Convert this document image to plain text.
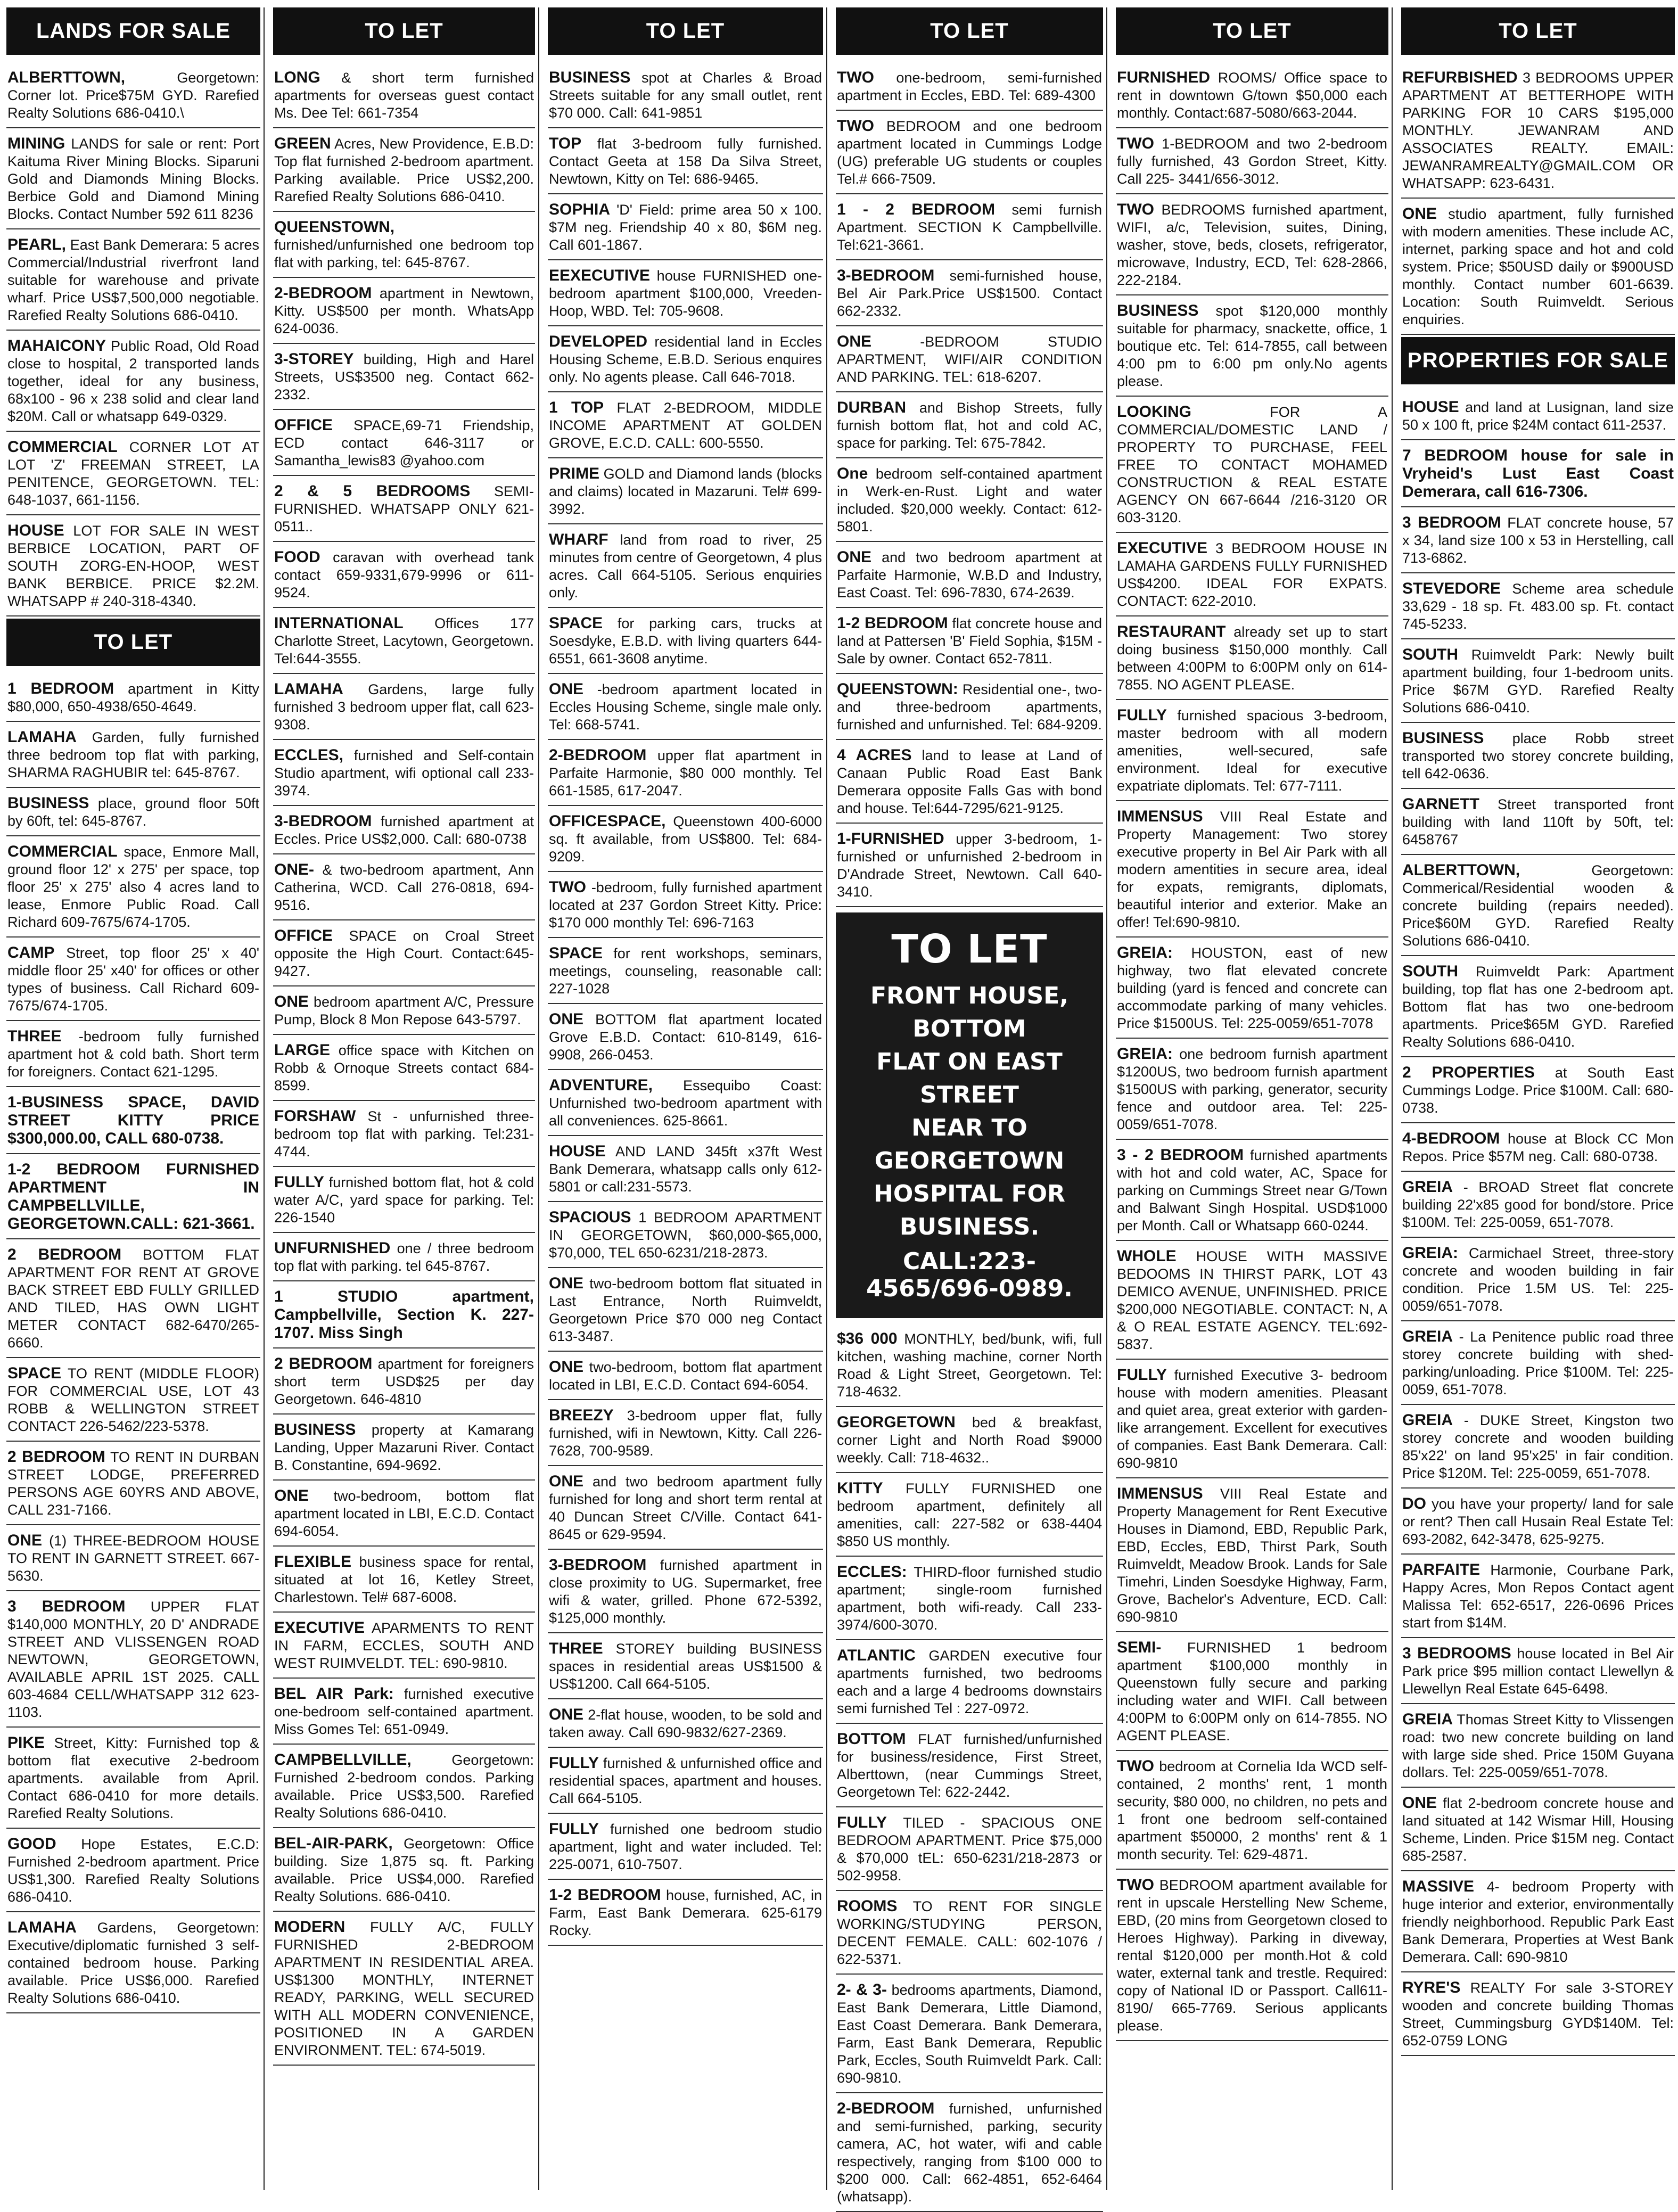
LANDS FOR SALE
ALBERTTOWN,	Georgetown: Corner lot. Price$75M GYD. Rarefied Realty Solutions 686-0410.\
MINING LANDS for sale or rent: Port Kaituma River Mining Blocks. Siparuni Gold and Diamonds Mining Blocks. Berbice Gold and Diamond Mining Blocks. Contact Number 592 611 8236
PEARL, East Bank Demerara: 5 acres Commercial/Industrial riverfront land suitable for warehouse and private wharf. Price US$7,500,000 negotiable. Rarefied Realty Solutions 686-0410.
MAHAICONY Public Road, Old Road close to hospital, 2 transported lands together, ideal for any business, 68x100 - 96 x 238 solid and clear land $20M. Call or whatsapp 649-0329.
COMMERCIAL CORNER LOT AT LOT 'Z' FREEMAN STREET, LA PENITENCE, GEORGETOWN. TEL: 648-1037, 661-1156.
HOUSE LOT FOR SALE IN WEST BERBICE LOCATION, PART OF SOUTH ZORG-EN-HOOP, WEST BANK BERBICE. PRICE $2.2M. WHATSAPP # 240-318-4340.
TO LET
1 BEDROOM apartment in Kitty $80,000, 650-4938/650-4649.
LAMAHA Garden, fully furnished three bedroom top flat with parking, SHARMA RAGHUBIR tel: 645-8767.
BUSINESS place, ground floor 50ft by 60ft, tel: 645-8767.
COMMERCIAL space, Enmore Mall, ground floor 12' x 275' per space, top floor 25' x 275' also 4 acres land to lease, Enmore Public Road. Call Richard 609-7675/674-1705.
CAMP Street, top floor 25' x 40' middle floor 25' x40' for offices or other types of business. Call Richard 609-7675/674-1705.
THREE -bedroom fully furnished apartment hot & cold bath. Short term for foreigners. Contact 621-1295.
1-BUSINESS SPACE, DAVID STREET KITTY PRICE $300,000.00, CALL 680-0738.
1-2 BEDROOM FURNISHED APARTMENT IN CAMPBELLVILLE, GEORGETOWN.CALL: 621-3661.
2 BEDROOM BOTTOM FLAT APARTMENT FOR RENT AT GROVE BACK STREET EBD FULLY GRILLED AND TILED, HAS OWN LIGHT METER CONTACT 682-6470/265-6660.
SPACE TO RENT (MIDDLE FLOOR) FOR COMMERCIAL USE, LOT 43 ROBB & WELLINGTON STREET CONTACT 226-5462/223-5378.
2 BEDROOM TO RENT IN DURBAN STREET LODGE, PREFERRED PERSONS AGE 60YRS AND ABOVE, CALL 231-7166.
ONE (1) THREE-BEDROOM HOUSE TO RENT IN GARNETT STREET. 667-5630.
3 BEDROOM UPPER FLAT $140,000 MONTHLY, 20 D' ANDRADE STREET AND VLISSENGEN ROAD NEWTOWN, GEORGETOWN, AVAILABLE APRIL 1ST 2025. CALL 603-4684 CELL/WHATSAPP 312 623-1103.
PIKE Street, Kitty: Furnished top & bottom flat executive 2-bedroom apartments. available from April. Contact 686-0410 for more details. Rarefied Realty Solutions.
GOOD Hope Estates, E.C.D: Furnished 2-bedroom apartment. Price US$1,300. Rarefied Realty Solutions 686-0410.
LAMAHA Gardens, Georgetown: Executive/diplomatic furnished 3 self-contained bedroom house. Parking available. Price US$6,000. Rarefied Realty Solutions 686-0410.
TO LET
LONG & short term furnished apartments for overseas guest contact Ms. Dee Tel: 661-7354
GREEN Acres, New Providence, E.B.D: Top flat furnished 2-bedroom apartment. Parking available. Price US$2,200. Rarefied Realty Solutions 686-0410.
QUEENSTOWN, furnished/unfurnished one bedroom top flat with parking, tel: 645-8767.
2-BEDROOM apartment in Newtown, Kitty. US$500 per month. WhatsApp 624-0036.
3-STOREY building, High and Harel Streets, US$3500 neg. Contact 662-2332.
OFFICE SPACE,69-71 Friendship, ECD contact 646-3117 or Samantha_lewis83 @yahoo.com
2 & 5 BEDROOMS SEMI-FURNISHED. WHATSAPP ONLY 621-0511..
FOOD caravan with overhead tank contact 659-9331,679-9996 or 611-9524.
INTERNATIONAL Offices 177 Charlotte Street, Lacytown, Georgetown. Tel:644-3555.
LAMAHA Gardens, large fully furnished 3 bedroom upper flat, call 623-9308.
ECCLES, furnished and Self-contain Studio apartment, wifi optional call 233-3974.
3-BEDROOM furnished apartment at Eccles. Price US$2,000. Call: 680-0738
ONE- & two-bedroom apartment, Ann Catherina, WCD. Call 276-0818, 694-9516.
OFFICE SPACE on Croal Street opposite the High Court. Contact:645-9427.
ONE bedroom apartment A/C, Pressure Pump, Block 8 Mon Repose 643-5797.
LARGE office space with Kitchen on Robb & Ornoque Streets contact 684-8599.
FORSHAW St - unfurnished three-bedroom top flat with parking. Tel:231-4744.
FULLY furnished bottom flat, hot & cold water A/C, yard space for parking. Tel: 226-1540
UNFURNISHED one / three bedroom top flat with parking. tel 645-8767.
1 STUDIO apartment, Campbellville, Section K. 227-1707. Miss Singh
2 BEDROOM apartment for foreigners short term USD$25 per day Georgetown. 646-4810
BUSINESS property at Kamarang Landing, Upper Mazaruni River. Contact B. Constantine, 694-9692.
ONE two-bedroom, bottom flat apartment located in LBI, E.C.D. Contact 694-6054.
FLEXIBLE business space for rental, situated at lot 16, Ketley Street, Charlestown. Tel# 687-6008.
EXECUTIVE APARMENTS TO RENT IN FARM, ECCLES, SOUTH AND WEST RUIMVELDT. TEL: 690-9810.
BEL AIR Park: furnished executive one-bedroom self-contained apartment. Miss Gomes Tel: 651-0949.
CAMPBELLVILLE,	Georgetown: Furnished 2-bedroom condos. Parking available. Price US$3,500. Rarefied Realty Solutions 686-0410.
BEL-AIR-PARK, Georgetown: Office building. Size 1,875 sq. ft. Parking available. Price US$4,000. Rarefied Realty Solutions. 686-0410.
MODERN FULLY A/C, FULLY FURNISHED 2-BEDROOM APARTMENT IN RESIDENTIAL AREA. US$1300 MONTHLY, INTERNET READY, PARKING, WELL SECURED WITH ALL MODERN CONVENIENCE, POSITIONED IN A GARDEN ENVIRONMENT. TEL: 674-5019.
TO LET
BUSINESS spot at Charles & Broad Streets suitable for any small outlet, rent $70 000. Call: 641-9851
TOP flat 3-bedroom fully furnished. Contact Geeta at 158 Da Silva Street, Newtown, Kitty on Tel: 686-9465.
SOPHIA 'D' Field: prime area 50 x 100. $7M neg. Friendship 40 x 80, $6M neg. Call 601-1867.
EEXECUTIVE house FURNISHED one-bedroom apartment $100,000, Vreeden-Hoop, WBD. Tel: 705-9608.
DEVELOPED residential land in Eccles Housing Scheme, E.B.D. Serious enquires only. No agents please. Call 646-7018.
1 TOP FLAT 2-BEDROOM, MIDDLE INCOME APARTMENT AT GOLDEN GROVE, E.C.D. CALL: 600-5550.
PRIME GOLD and Diamond lands (blocks and claims) located in Mazaruni. Tel# 699-3992.
WHARF land from road to river, 25 minutes from centre of Georgetown, 4 plus acres. Call 664-5105. Serious enquiries only.
SPACE for parking cars, trucks at Soesdyke, E.B.D. with living quarters 644-6551, 661-3608 anytime.
ONE -bedroom apartment located in Eccles Housing Scheme, single male only. Tel: 668-5741.
2-BEDROOM upper flat apartment in Parfaite Harmonie, $80 000 monthly. Tel 661-1585, 617-2047.
OFFICESPACE, Queenstown 400-6000 sq. ft available, from US$800. Tel: 684-9209.
TWO -bedroom, fully furnished apartment located at 237 Gordon Street Kitty. Price: $170 000 monthly Tel: 696-7163
SPACE for rent workshops, seminars, meetings, counseling, reasonable call: 227-1028
ONE BOTTOM flat apartment located Grove E.B.D. Contact: 610-8149, 616-9908, 266-0453.
ADVENTURE, Essequibo Coast: Unfurnished two-bedroom apartment with all conveniences. 625-8661.
HOUSE AND LAND 345ft x37ft West Bank Demerara, whatsapp calls only 612-5801 or call:231-5573.
SPACIOUS 1 BEDROOM APARTMENT IN GEORGETOWN, $60,000-$65,000, $70,000, TEL 650-6231/218-2873.
ONE two-bedroom bottom flat situated in Last Entrance, North Ruimveldt, Georgetown Price $70 000 neg Contact 613-3487.
ONE two-bedroom, bottom flat apartment located in LBI, E.C.D. Contact 694-6054.
BREEZY 3-bedroom upper flat, fully furnished, wifi in Newtown, Kitty. Call 226-7628, 700-9589.
ONE and two bedroom apartment fully furnished for long and short term rental at 40 Duncan Street C/Ville. Contact 641-8645 or 629-9594.
3-BEDROOM furnished apartment in close proximity to UG. Supermarket, free wifi & water, grilled. Phone 672-5392, $125,000 monthly.
THREE STOREY building BUSINESS spaces in residential areas US$1500 & US$1200. Call 664-5105.
ONE 2-flat house, wooden, to be sold and taken away. Call 690-9832/627-2369.
FULLY furnished & unfurnished office and residential spaces, apartment and houses. Call 664-5105.
FULLY furnished one bedroom studio apartment, light and water included. Tel: 225-0071, 610-7507.
1-2 BEDROOM house, furnished, AC, in Farm, East Bank Demerara. 625-6179 Rocky.
TO LET
TWO one-bedroom, semi-furnished apartment in Eccles, EBD. Tel: 689-4300
TWO BEDROOM and one bedroom apartment located in Cummings Lodge (UG) preferable UG students or couples Tel.# 666-7509.
1 - 2 BEDROOM semi furnish Apartment. SECTION K Campbellville. Tel:621-3661.
3-BEDROOM semi-furnished house, Bel Air Park.Price US$1500. Contact 662-2332.
ONE	-BEDROOM STUDIO APARTMENT, WIFI/AIR CONDITION AND PARKING. TEL: 618-6207.
DURBAN and Bishop Streets, fully furnish bottom flat, hot and cold AC, space for parking. Tel: 675-7842.
One bedroom self-contained apartment in Werk-en-Rust. Light and water included. $20,000 weekly. Contact: 612-5801.
ONE and two bedroom apartment at Parfaite Harmonie, W.B.D and Industry, East Coast. Tel: 696-7830, 674-2639.
1-2 BEDROOM flat concrete house and land at Pattersen 'B' Field Sophia, $15M - Sale by owner. Contact 652-7811.
QUEENSTOWN: Residential one-, two- and three-bedroom apartments, furnished and unfurnished. Tel: 684-9209.
4 ACRES land to lease at Land of Canaan Public Road East Bank Demerara opposite Falls Gas with bond and house. Tel:644-7295/621-9125.
1-FURNISHED upper 3-bedroom, 1-furnished or unfurnished 2-bedroom in D'Andrade Street, Newtown. Call 640-3410.
TO LET
FRONT HOUSE, BOTTOM
FLAT ON EAST STREET
NEAR TO GEORGETOWN
HOSPITAL FOR
BUSINESS.
CALL:223-4565/696-0989.
$36 000 MONTHLY, bed/bunk, wifi, full kitchen, washing machine, corner North Road & Light Street, Georgetown. Tel: 718-4632.
GEORGETOWN bed & breakfast, corner Light and North Road $9000 weekly. Call: 718-4632..
KITTY FULLY FURNISHED one bedroom apartment, definitely all amenities, call: 227-582 or 638-4404 $850 US monthly.
ECCLES: THIRD-floor furnished studio apartment; single-room furnished apartment, both wifi-ready. Call 233-3974/600-3070.
ATLANTIC GARDEN executive four apartments furnished, two bedrooms each and a large 4 bedrooms downstairs semi furnished Tel : 227-0972.
BOTTOM FLAT furnished/unfurnished for business/residence, First Street, Alberttown, (near Cummings Street, Georgetown Tel: 622-2442.
FULLY TILED - SPACIOUS ONE BEDROOM APARTMENT. Price $75,000 & $70,000 tEL: 650-6231/218-2873 or 502-9958.
ROOMS TO RENT FOR SINGLE WORKING/STUDYING PERSON, DECENT FEMALE. CALL: 602-1076 / 622-5371.
2- & 3- bedrooms apartments, Diamond, East Bank Demerara, Little Diamond, East Coast Demerara. Bank Demerara, Farm, East Bank Demerara, Republic Park, Eccles, South Ruimveldt Park. Call: 690-9810.
2-BEDROOM furnished, unfurnished and semi-furnished, parking, security camera, AC, hot water, wifi and cable respectively, ranging from $100 000 to $200 000. Call: 662-4851, 652-6464 (whatsapp).
TO LET
FURNISHED ROOMS/ Office space to rent in downtown G/town $50,000 each monthly. Contact:687-5080/663-2044.
TWO 1-BEDROOM and two 2-bedroom fully furnished, 43 Gordon Street, Kitty. Call 225- 3441/656-3012.
TWO BEDROOMS furnished apartment, WIFI, a/c, Television, suites, Dining, washer, stove, beds, closets, refrigerator, microwave, Industry, ECD, Tel: 628-2866, 222-2184.
BUSINESS spot $120,000 monthly suitable for pharmacy, snackette, office, 1 boutique etc. Tel: 614-7855, call between 4:00 pm to 6:00 pm only.No agents please.
LOOKING	FOR A COMMERCIAL/DOMESTIC LAND / PROPERTY TO PURCHASE, FEEL FREE TO CONTACT MOHAMED CONSTRUCTION & REAL ESTATE AGENCY ON 667-6644 /216-3120 OR 603-3120.
EXECUTIVE 3 BEDROOM HOUSE IN LAMAHA GARDENS FULLY FURNISHED US$4200. IDEAL FOR EXPATS. CONTACT: 622-2010.
RESTAURANT already set up to start doing business $150,000 monthly. Call between 4:00PM to 6:00PM only on 614-7855. NO AGENT PLEASE.
FULLY furnished spacious 3-bedroom, master bedroom with all modern amenities, well-secured, safe environment. Ideal for executive expatriate diplomats. Tel: 677-7111.
IMMENSUS VIII Real Estate and Property Management: Two storey executive property in Bel Air Park with all modern amentities in secure area, ideal for expats, remigrants, diplomats, beautiful interior and exterior. Make an offer! Tel:690-9810.
GREIA: HOUSTON, east of new highway, two flat elevated concrete building (yard is fenced and concrete can accommodate parking of many vehicles. Price $1500US. Tel: 225-0059/651-7078
GREIA: one bedroom furnish apartment $1200US, two bedroom furnish apartment $1500US with parking, generator, security fence and outdoor area. Tel: 225-0059/651-7078.
3 - 2 BEDROOM furnished apartments with hot and cold water, AC, Space for parking on Cummings Street near G/Town and Balwant Singh Hospital. USD$1000 per Month. Call or Whatsapp 660-0244.
WHOLE HOUSE WITH MASSIVE BEDOOMS IN THIRST PARK, LOT 43 DEMICO AVENUE, UNFINISHED. PRICE $200,000 NEGOTIABLE. CONTACT: N, A & O REAL ESTATE AGENCY. TEL:692-5837.
FULLY furnished Executive 3- bedroom house with modern amenities. Pleasant and quiet area, great exterior with garden-like arrangement. Excellent for executives of companies. East Bank Demerara. Call: 690-9810
IMMENSUS VIII Real Estate and Property Management for Rent Executive Houses in Diamond, EBD, Republic Park, EBD, Eccles, EBD, Thirst Park, South Ruimveldt, Meadow Brook. Lands for Sale Timehri, Linden Soesdyke Highway, Farm, Grove, Bachelor's Adventure, ECD. Call: 690-9810
SEMI- FURNISHED 1 bedroom apartment $100,000 monthly in Queenstown fully secure and parking including water and WIFI. Call between 4:00PM to 6:00PM only on 614-7855. NO AGENT PLEASE.
TWO bedroom at Cornelia Ida WCD self-contained, 2 months' rent, 1 month security, $80 000, no children, no pets and 1 front one bedroom self-contained apartment $50000, 2 months' rent & 1 month security. Tel: 629-4871.
TWO BEDROOM apartment available for rent in upscale Herstelling New Scheme, EBD, (20 mins from Georgetown closed to Heroes Highway). Parking in diveway, rental $120,000 per month.Hot & cold water, external tank and trestle. Required: copy of National ID or Passport. Call611-8190/ 665-7769. Serious applicants please.
TO LET
REFURBISHED 3 BEDROOMS UPPER APARTMENT AT BETTERHOPE WITH PARKING FOR 10 CARS $195,000 MONTHLY. JEWANRAM AND ASSOCIATES REALTY. EMAIL: JEWANRAMREALTY@GMAIL.COM OR WHATSAPP: 623-6431.
ONE studio apartment, fully furnished with modern amenities. These include AC, internet, parking space and hot and cold system. Price; $50USD daily or $900USD monthly. Contact number 601-6639. Location: South Ruimveldt. Serious enquiries.
PROPERTIES FOR SALE
HOUSE and land at Lusignan, land size 50 x 100 ft, price $24M contact 611-2537.
7 BEDROOM house for sale in Vryheid's Lust East Coast Demerara, call 616-7306.
3 BEDROOM FLAT concrete house, 57 x 34, land size 100 x 53 in Herstelling, call 713-6862.
STEVEDORE Scheme area schedule 33,629 - 18 sp. Ft. 483.00 sp. Ft. contact 745-5233.
SOUTH Ruimveldt Park: Newly built apartment building, four 1-bedroom units. Price $67M GYD. Rarefied Realty Solutions 686-0410.
BUSINESS place Robb street transported two storey concrete building, tell 642-0636.
GARNETT Street transported front building with land 110ft by 50ft, tel: 6458767
ALBERTTOWN,	Georgetown: Commerical/Residential wooden & concrete building (repairs needed). Price$60M GYD. Rarefied Realty Solutions 686-0410.
SOUTH Ruimveldt Park: Apartment building, top flat has one 2-bedroom apt. Bottom flat has two one-bedroom apartments. Price$65M GYD. Rarefied Realty Solutions 686-0410.
2 PROPERTIES at South East Cummings Lodge. Price $100M. Call: 680-0738.
4-BEDROOM house at Block CC Mon Repos. Price $57M neg. Call: 680-0738.
GREIA - BROAD Street flat concrete building 22'x85 good for bond/store. Price $100M. Tel: 225-0059, 651-7078.
GREIA: Carmichael Street, three-story concrete and wooden building in fair condition. Price 1.5M US. Tel: 225-0059/651-7078.
GREIA - La Penitence public road three storey concrete building with shed-parking/unloading. Price $100M. Tel: 225-0059, 651-7078.
GREIA - DUKE Street, Kingston two storey concrete and wooden building 85'x22' on land 95'x25' in fair condition. Price $120M. Tel: 225-0059, 651-7078.
DO you have your property/ land for sale or rent? Then call Husain Real Estate Tel: 693-2082, 642-3478, 625-9275.
PARFAITE Harmonie, Courbane Park, Happy Acres, Mon Repos Contact agent Malissa Tel: 652-6517, 226-0696 Prices start from $14M.
3 BEDROOMS house located in Bel Air Park price $95 million contact Llewellyn & Llewellyn Real Estate 645-6498.
GREIA Thomas Street Kitty to Vlissengen road: two new concrete building on land with large side shed. Price 150M Guyana dollars. Tel: 225-0059/651-7078.
ONE flat 2-bedroom concrete house and land situated at 142 Wismar Hill, Housing Scheme, Linden. Price $15M neg. Contact 685-2587.
MASSIVE 4- bedroom Property with huge interior and exterior, environmentally friendly neighborhood. Republic Park East Bank Demerara, Properties at West Bank Demerara. Call: 690-9810
RYRE'S REALTY For sale 3-STOREY wooden and concrete building Thomas Street, Cummingsburg GYD$140M. Tel: 652-0759 LONG
